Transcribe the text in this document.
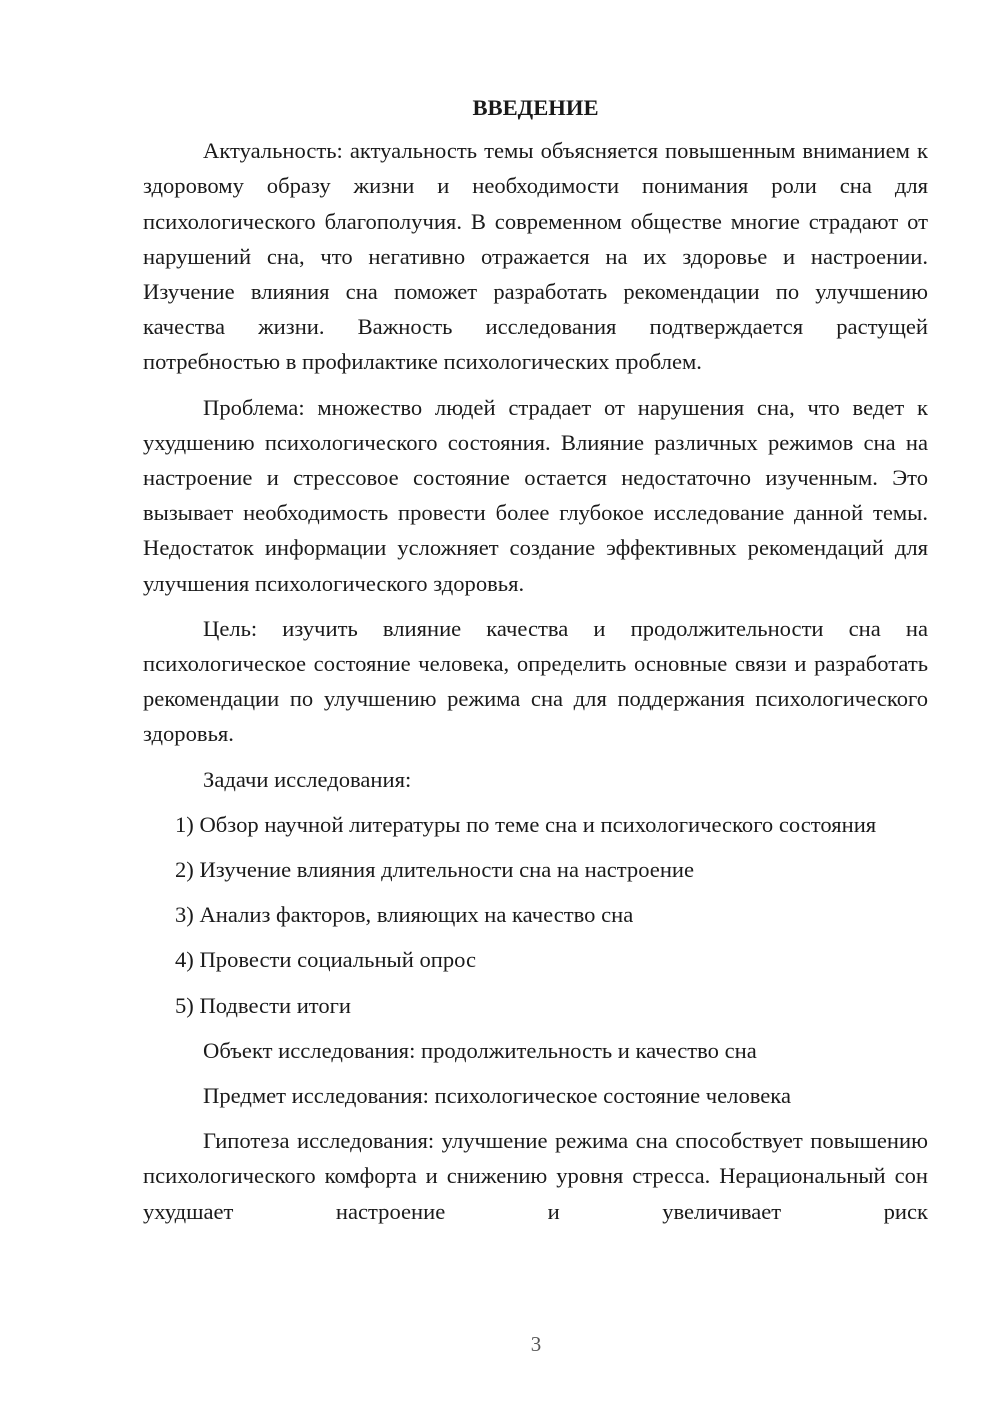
ВВЕДЕНИЕ

Актуальность: актуальность темы объясняется повышенным вниманием к здоровому образу жизни и необходимости понимания роли сна для психологического благополучия. В современном обществе многие страдают от нарушений сна, что негативно отражается на их здоровье и настроении. Изучение влияния сна поможет разработать рекомендации по улучшению качества жизни. Важность исследования подтверждается растущей потребностью в профилактике психологических проблем.

Проблема: множество людей страдает от нарушения сна, что ведет к ухудшению психологического состояния. Влияние различных режимов сна на настроение и стрессовое состояние остается недостаточно изученным. Это вызывает необходимость провести более глубокое исследование данной темы. Недостаток информации усложняет создание эффективных рекомендаций для улучшения психологического здоровья.

Цель: изучить влияние качества и продолжительности сна на психологическое состояние человека, определить основные связи и разработать рекомендации по улучшению режима сна для поддержания психологического здоровья.

Задачи исследования:

1) Обзор научной литературы по теме сна и психологического состояния

2) Изучение влияния длительности сна на настроение

3) Анализ факторов, влияющих на качество сна

4) Провести социальный опрос

5) Подвести итоги

Объект исследования: продолжительность и качество сна

Предмет исследования: психологическое состояние человека

Гипотеза исследования: улучшение режима сна способствует повышению психологического комфорта и снижению уровня стресса. Нерациональный сон ухудшает настроение и увеличивает риск

3
